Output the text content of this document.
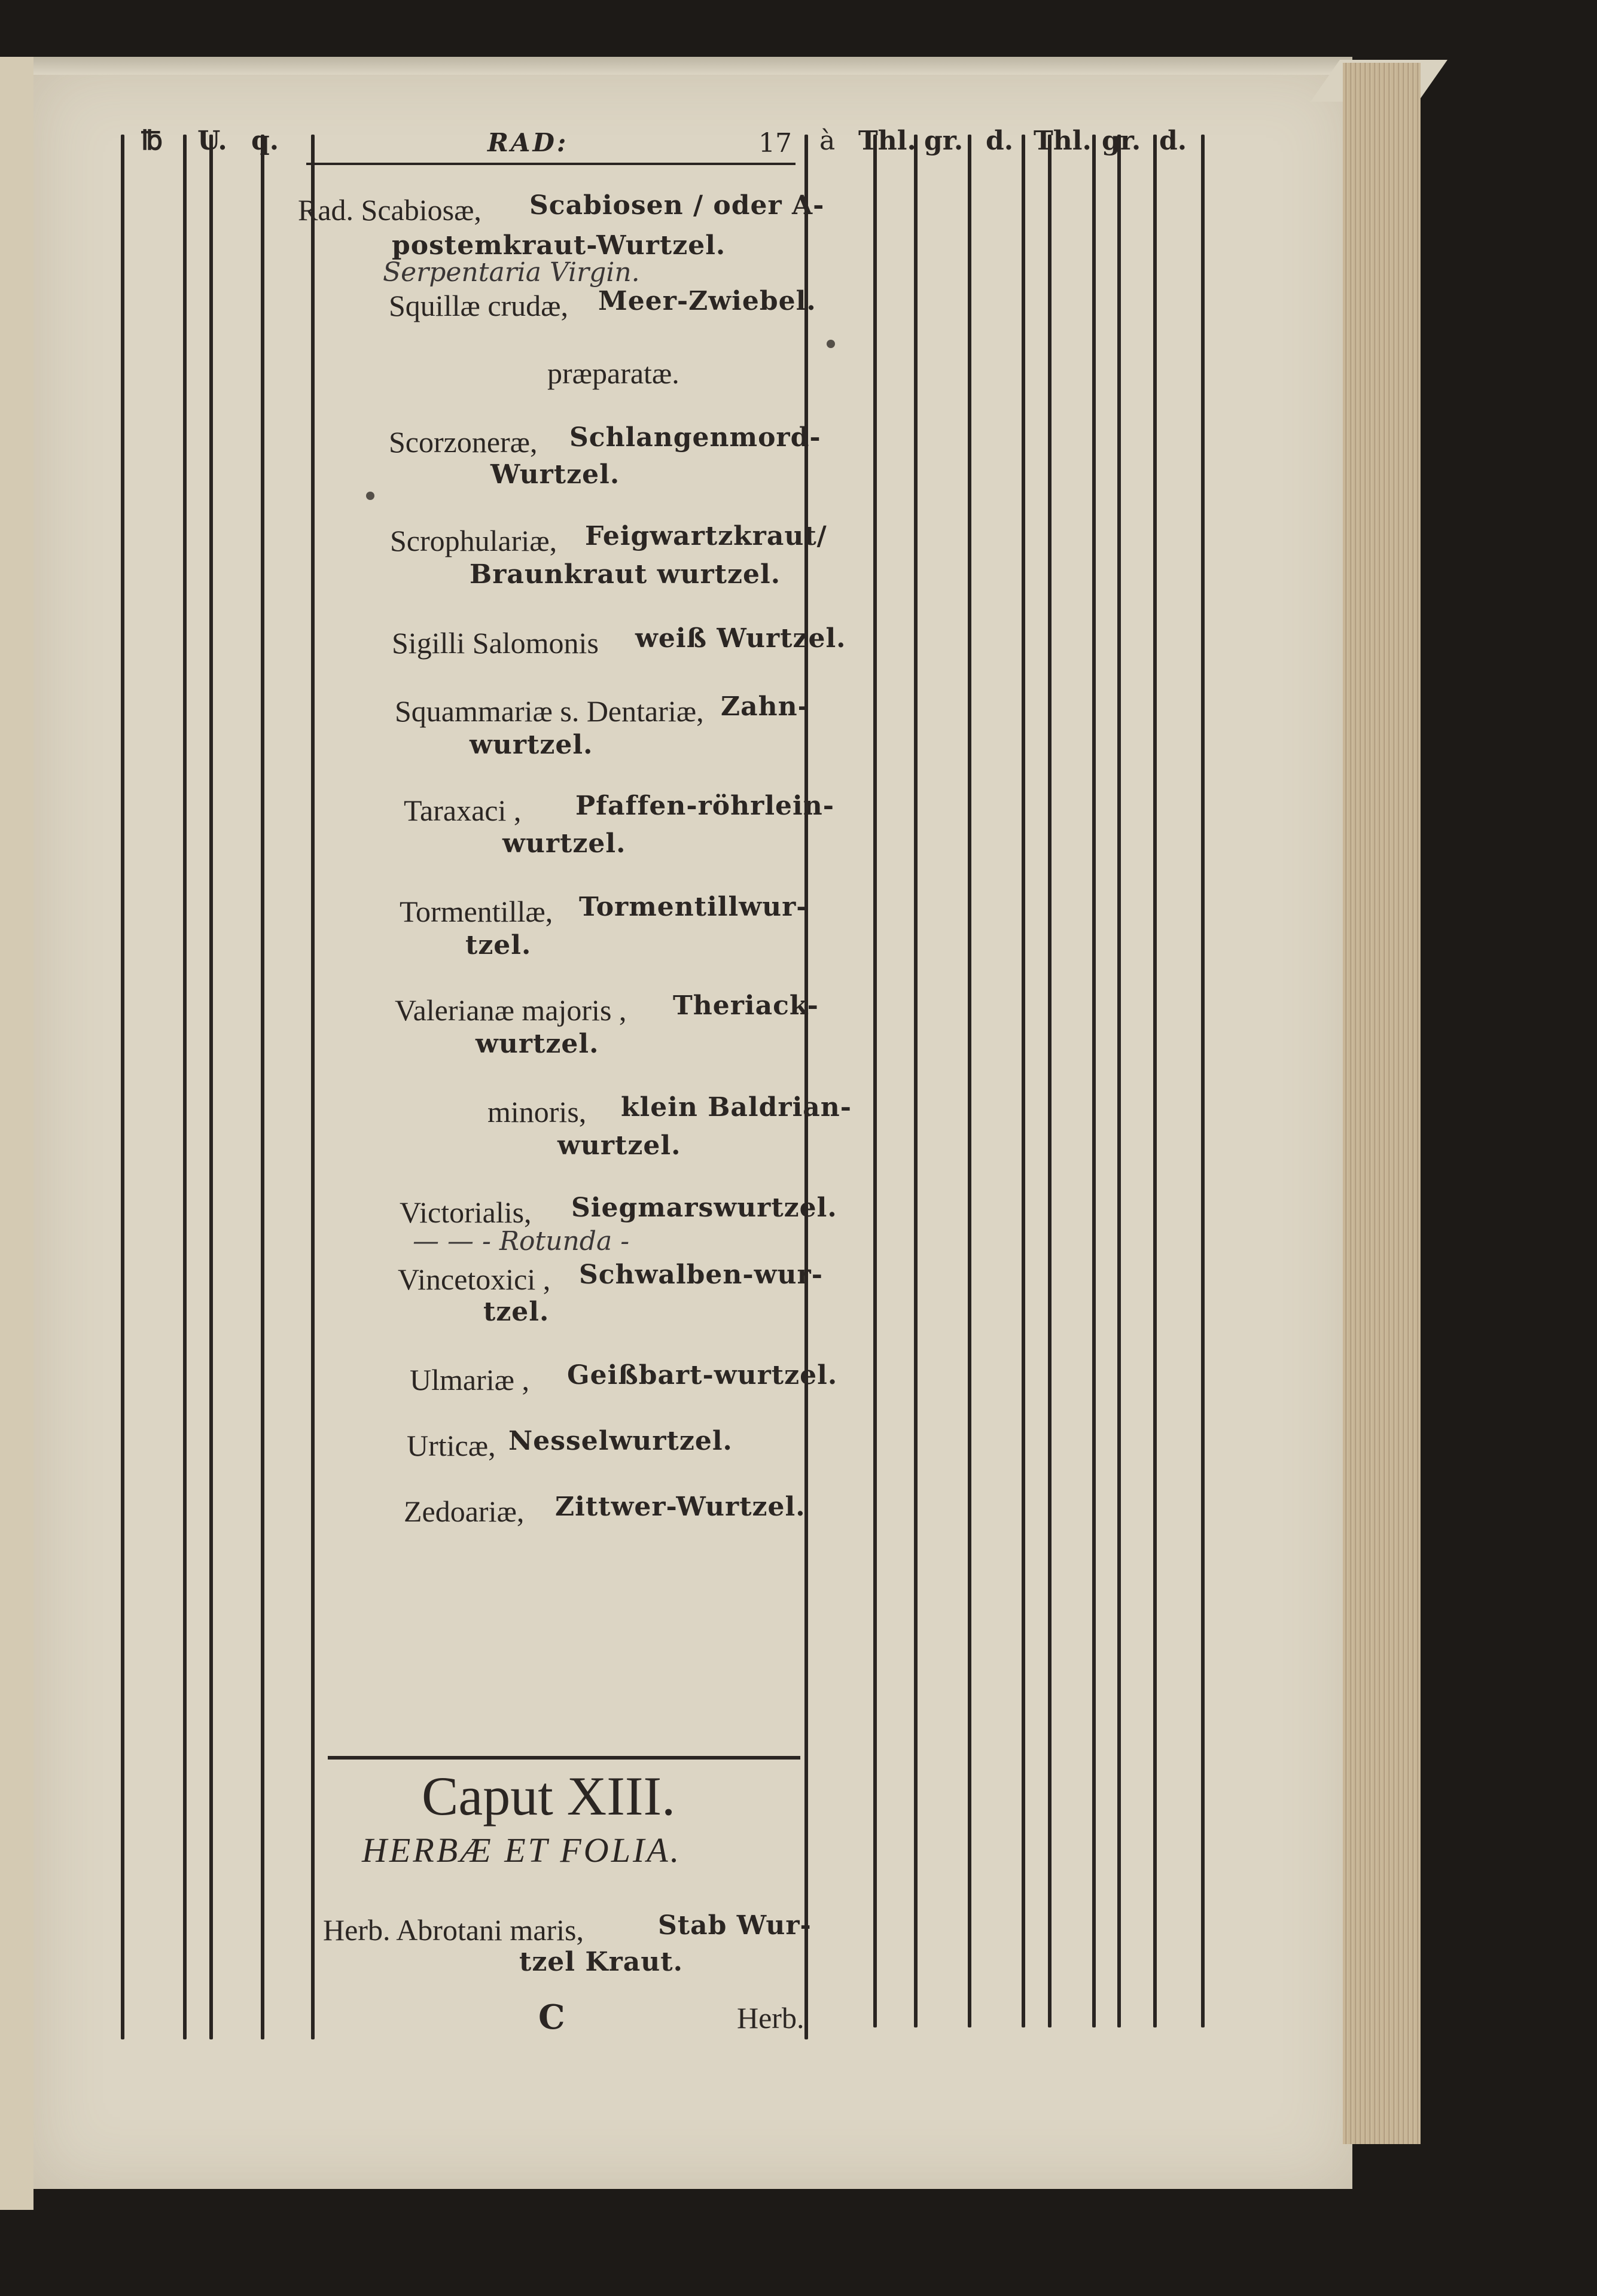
℔ U. q.	RAD:	17 à Thl. gr. d. Thl. gr. d.
Rad. Scabiosæ, Scabiosen / oder A-
postemkraut-Wurtzel.
Serpentaria Virgin.
Squillæ crudæ, Meer-Zwiebel.
præparatæ.
Scorzoneræ, Schlangenmord-
Wurtzel.
Scrophulariæ, Feigwartzkraut/
Braunkraut wurtzel.
Sigilli Salomonis weiß Wurtzel.
Squammariæ s. Dentariæ, Zahn-
wurtzel.
Taraxaci , Pfaffen-röhrlein-
wurtzel.
Tormentillæ, Tormentillwur-
tzel.
Valerianæ majoris , Theriack-
wurtzel.
minoris, klein Baldrian-
wurtzel.
Victorialis, Siegmarswurtzel.
— — - Rotunda -
Vincetoxici , Schwalben-wur-
tzel.
Ulmariæ , Geißbart-wurtzel.
Urticæ, Nesselwurtzel.
Zedoariæ, Zittwer-Wurtzel.
Caput XIII.
HERBÆ ET FOLIA.
Herb. Abrotani maris,	Stab Wur-
tzel Kraut.
C	Herb.
